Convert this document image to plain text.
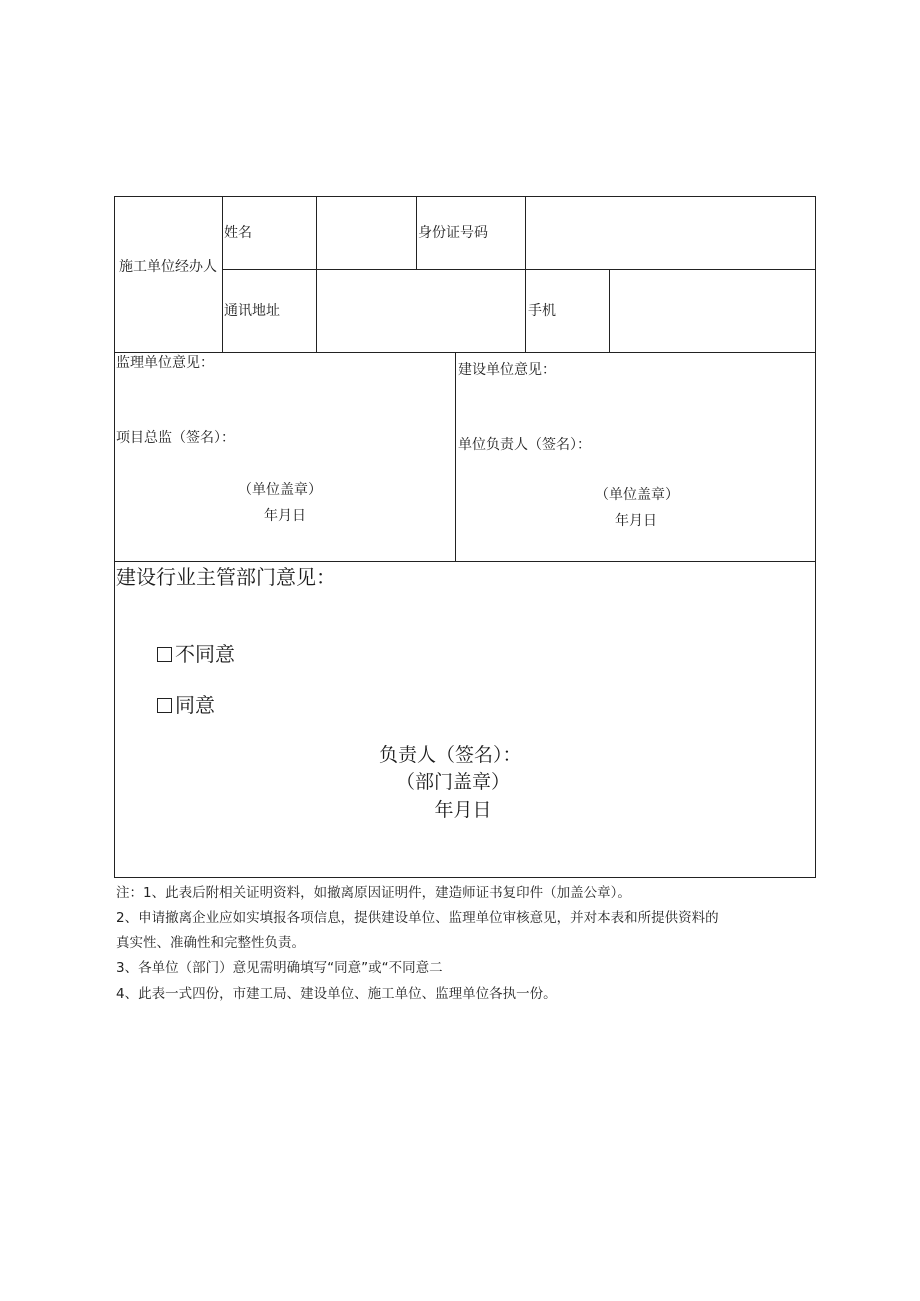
施工单位经办人
姓名	身份证号码
通讯地址	手机
监理单位意见：
项目总监（签名）：
（单位盖章）
年月日
建设单位意见：
单位负责人（签名）：
（单位盖章）
年月日
建设行业主管部门意见：
不同意
同意
负责人（签名）：
（部门盖章）
年月日
注：1、此表后附相关证明资料，如撤离原因证明件，建造师证书复印件（加盖公章）。
2、申请撤离企业应如实填报各项信息，提供建设单位、监理单位审核意见，并对本表和所提供资料的
真实性、准确性和完整性负责。
3、各单位（部门）意见需明确填写“同意”或“不同意二
4、此表一式四份，市建工局、建设单位、施工单位、监理单位各执一份。
